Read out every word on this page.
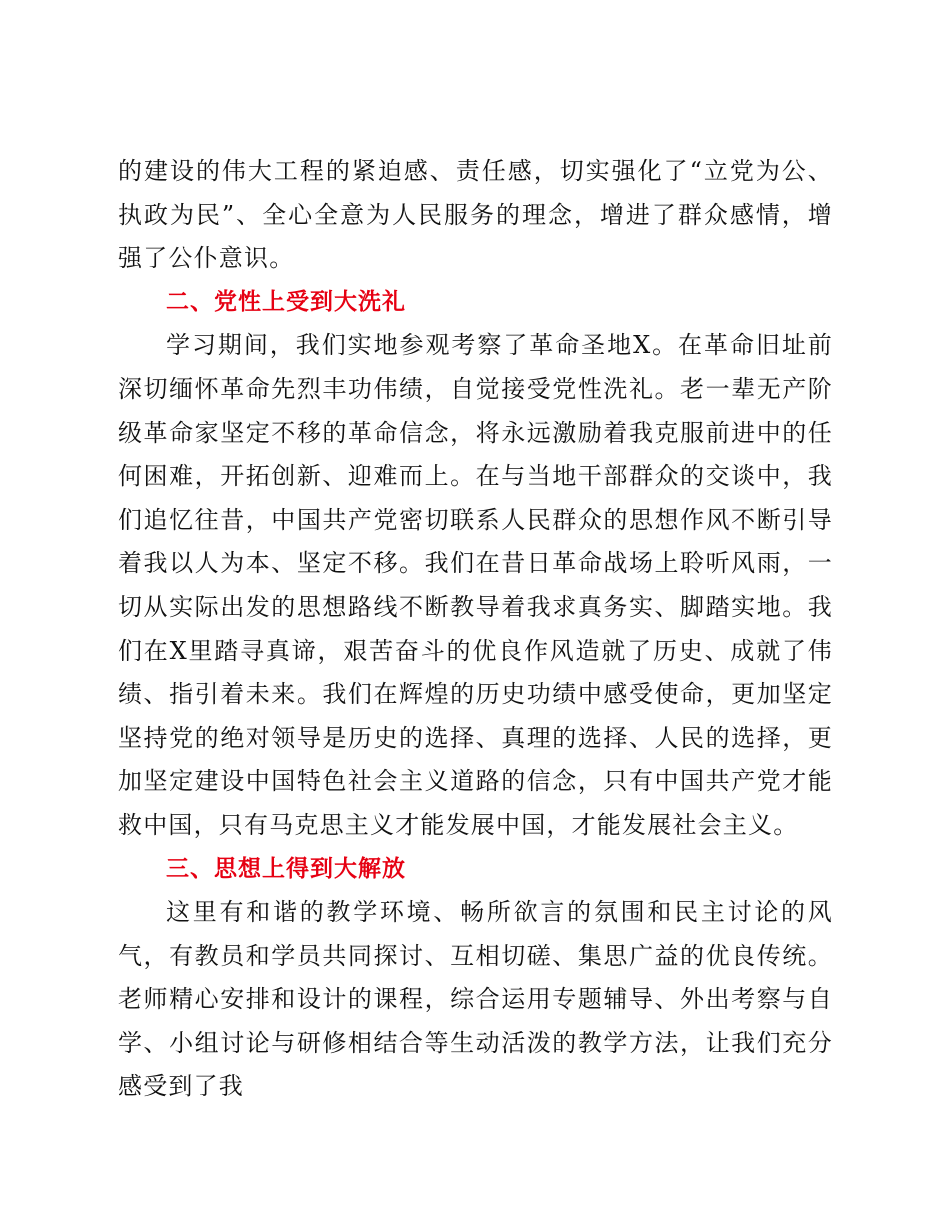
的建设的伟大工程的紧迫感、责任感，切实强化了“立党为公、执政为民”、全心全意为人民服务的理念，增进了群众感情，增强了公仆意识。

二、党性上受到大洗礼

学习期间，我们实地参观考察了革命圣地X。在革命旧址前深切缅怀革命先烈丰功伟绩，自觉接受党性洗礼。老一辈无产阶级革命家坚定不移的革命信念，将永远激励着我克服前进中的任何困难，开拓创新、迎难而上。在与当地干部群众的交谈中，我们追忆往昔，中国共产党密切联系人民群众的思想作风不断引导着我以人为本、坚定不移。我们在昔日革命战场上聆听风雨，一切从实际出发的思想路线不断教导着我求真务实、脚踏实地。我们在X里踏寻真谛，艰苦奋斗的优良作风造就了历史、成就了伟绩、指引着未来。我们在辉煌的历史功绩中感受使命，更加坚定坚持党的绝对领导是历史的选择、真理的选择、人民的选择，更加坚定建设中国特色社会主义道路的信念，只有中国共产党才能救中国，只有马克思主义才能发展中国，才能发展社会主义。

三、思想上得到大解放

这里有和谐的教学环境、畅所欲言的氛围和民主讨论的风气，有教员和学员共同探讨、互相切磋、集思广益的优良传统。老师精心安排和设计的课程，综合运用专题辅导、外出考察与自学、小组讨论与研修相结合等生动活泼的教学方法，让我们充分感受到了我
